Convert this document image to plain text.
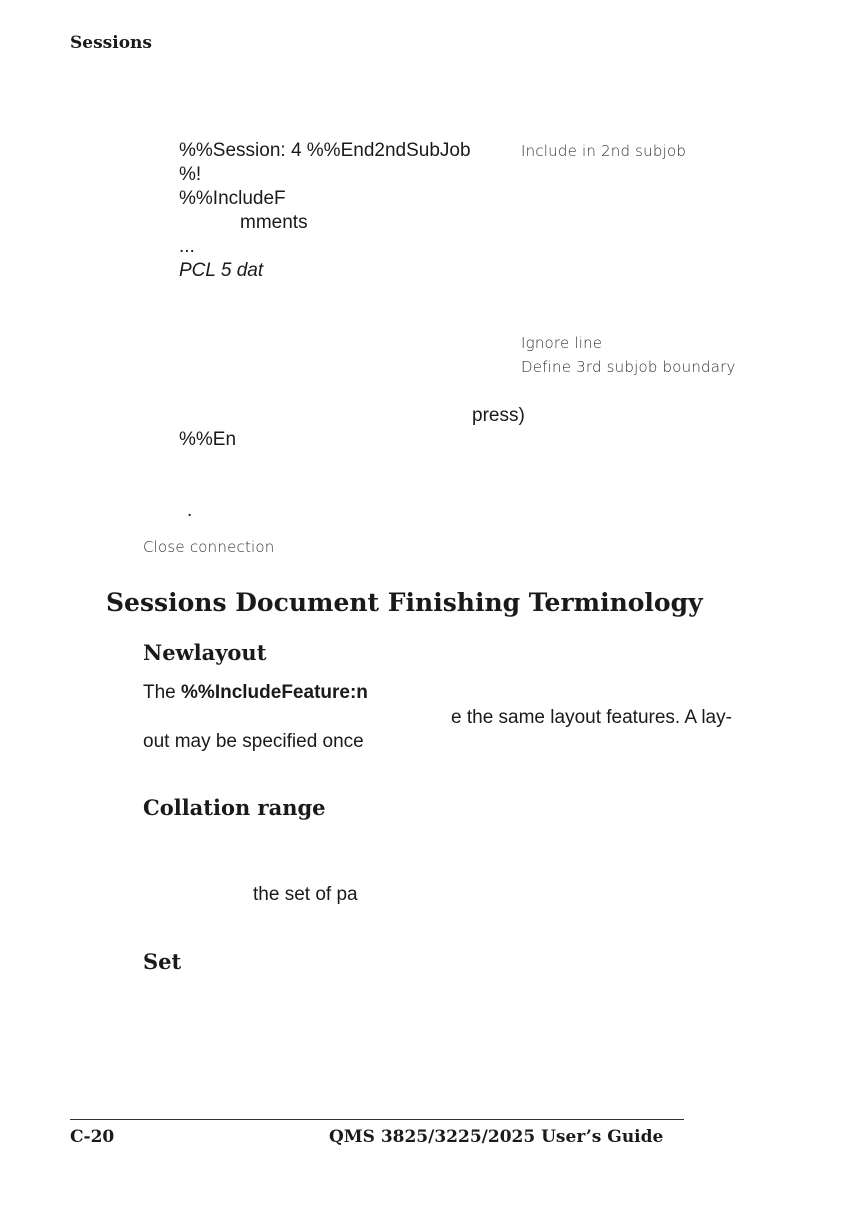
Sessions
%%Session: 4 %%End2ndSubJob
%!
%%IncludeF
mments
...
PCL 5 dat
press)
%%En
.
Include in 2nd subjob
Ignore line
Define 3rd subjob boundary
Close connection
Sessions Document Finishing Terminology
Newlayout
The %%IncludeFeature:n
e the same layout features. A lay-
out may be specified once
Collation range
the set of pa
Set
C-20	QMS 3825/3225/2025 User’s Guide
